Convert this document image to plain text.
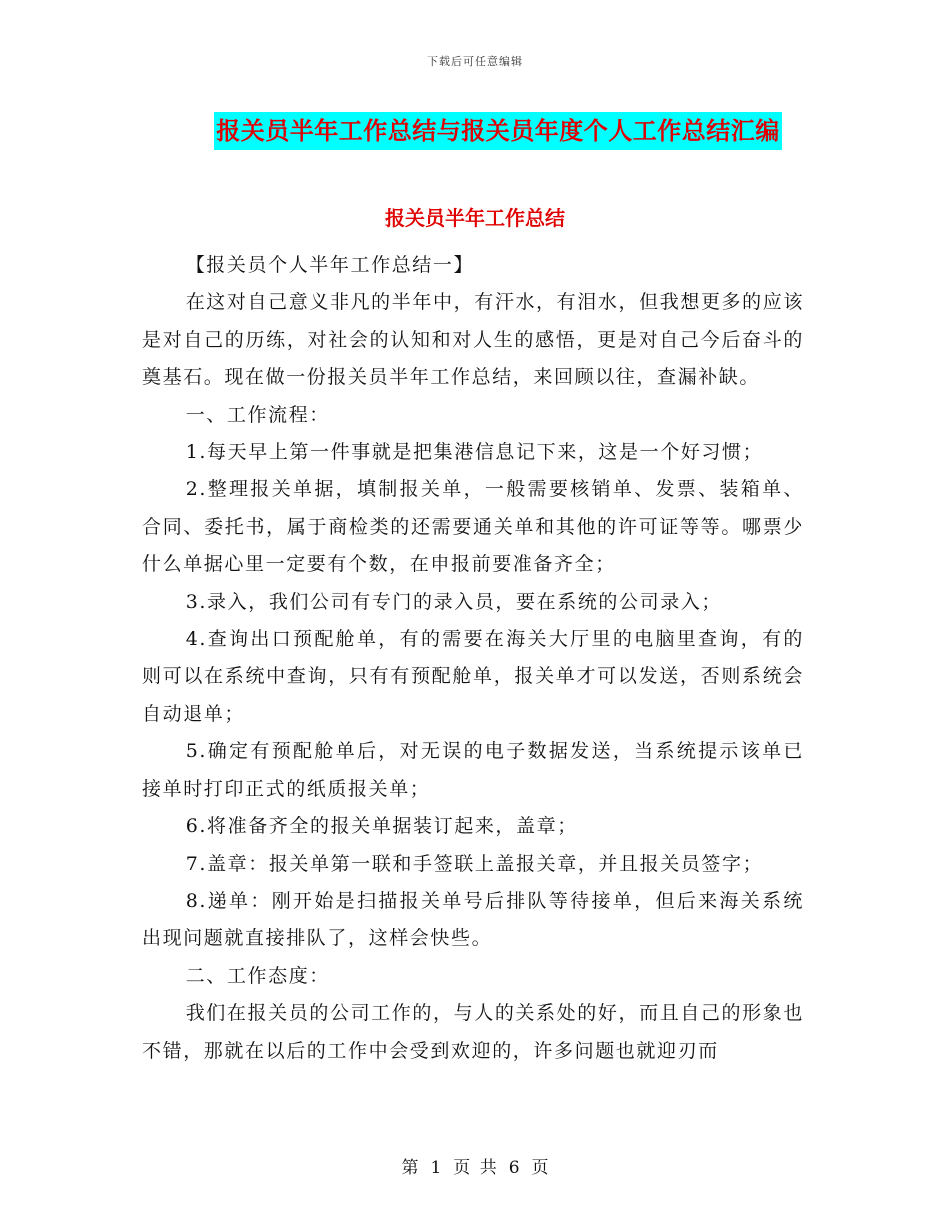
下载后可任意编辑
报关员半年工作总结与报关员年度个人工作总结汇编
报关员半年工作总结

【报关员个人半年工作总结一】

在这对自己意义非凡的半年中，有汗水，有泪水，但我想更多的应该是对自己的历练，对社会的认知和对人生的感悟，更是对自己今后奋斗的奠基石。现在做一份报关员半年工作总结，来回顾以往，查漏补缺。

一、工作流程：

1.每天早上第一件事就是把集港信息记下来，这是一个好习惯；

2.整理报关单据，填制报关单，一般需要核销单、发票、装箱单、合同、委托书，属于商检类的还需要通关单和其他的许可证等等。哪票少什么单据心里一定要有个数，在申报前要准备齐全；

3.录入，我们公司有专门的录入员，要在系统的公司录入；

4.查询出口预配舱单，有的需要在海关大厅里的电脑里查询，有的则可以在系统中查询，只有有预配舱单，报关单才可以发送，否则系统会自动退单；

5.确定有预配舱单后，对无误的电子数据发送，当系统提示该单已接单时打印正式的纸质报关单；

6.将准备齐全的报关单据装订起来，盖章；

7.盖章：报关单第一联和手签联上盖报关章，并且报关员签字；

8.递单：刚开始是扫描报关单号后排队等待接单，但后来海关系统出现问题就直接排队了，这样会快些。

二、工作态度：

我们在报关员的公司工作的，与人的关系处的好，而且自己的形象也不错，那就在以后的工作中会受到欢迎的，许多问题也就迎刃而

第 1 页 共 6 页
